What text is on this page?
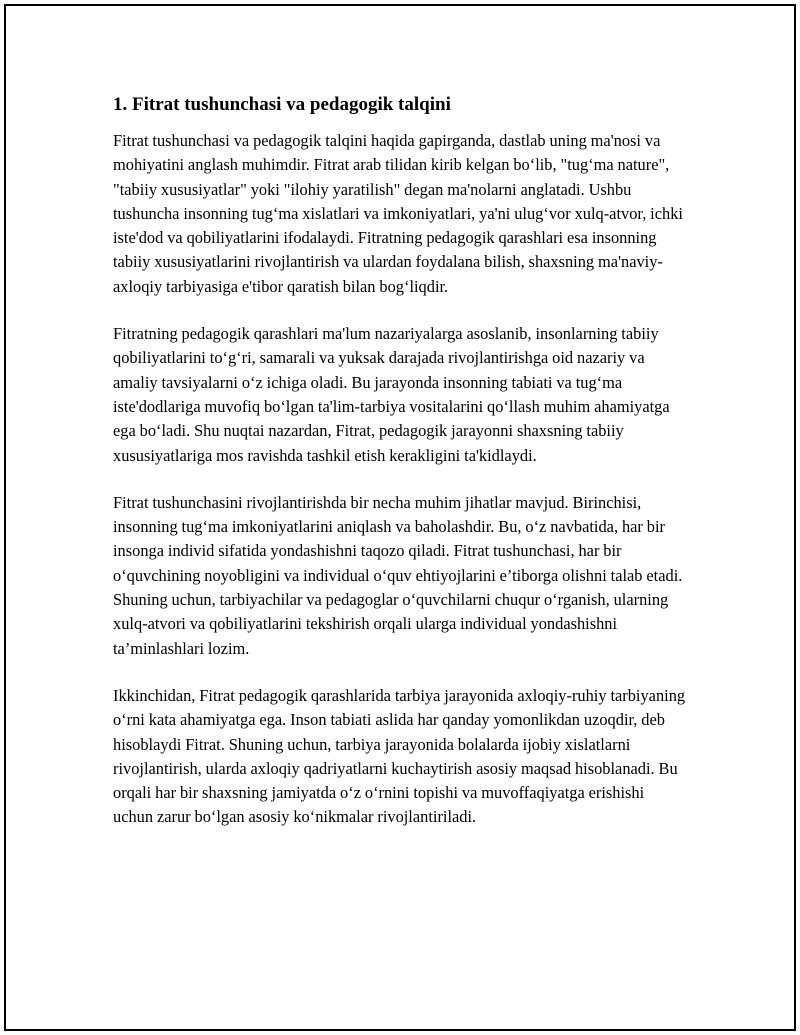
1. Fitrat tushunchasi va pedagogik talqini

Fitrat tushunchasi va pedagogik talqini haqida gapirganda, dastlab uning ma'nosi va mohiyatini anglash muhimdir. Fitrat arab tilidan kirib kelgan bo‘lib, "tug‘ma nature", "tabiiy xususiyatlar" yoki "ilohiy yaratilish" degan ma'nolarni anglatadi. Ushbu tushuncha insonning tug‘ma xislatlari va imkoniyatlari, ya'ni ulug‘vor xulq-atvor, ichki iste'dod va qobiliyatlarini ifodalaydi. Fitratning pedagogik qarashlari esa insonning tabiiy xususiyatlarini rivojlantirish va ulardan foydalana bilish, shaxsning ma'naviy-axloqiy tarbiyasiga e'tibor qaratish bilan bog‘liqdir.

Fitratning pedagogik qarashlari ma'lum nazariyalarga asoslanib, insonlarning tabiiy qobiliyatlarini to‘g‘ri, samarali va yuksak darajada rivojlantirishga oid nazariy va amaliy tavsiyalarni o‘z ichiga oladi. Bu jarayonda insonning tabiati va tug‘ma iste'dodlariga muvofiq bo‘lgan ta'lim-tarbiya vositalarini qo‘llash muhim ahamiyatga ega bo‘ladi. Shu nuqtai nazardan, Fitrat, pedagogik jarayonni shaxsning tabiiy xususiyatlariga mos ravishda tashkil etish kerakligini ta'kidlaydi.

Fitrat tushunchasini rivojlantirishda bir necha muhim jihatlar mavjud. Birinchisi, insonning tug‘ma imkoniyatlarini aniqlash va baholashdir. Bu, o‘z navbatida, har bir insonga individ sifatida yondashishni taqozo qiladi. Fitrat tushunchasi, har bir o‘quvchining noyobligini va individual o‘quv ehtiyojlarini e’tiborga olishni talab etadi. Shuning uchun, tarbiyachilar va pedagoglar o‘quvchilarni chuqur o‘rganish, ularning xulq-atvori va qobiliyatlarini tekshirish orqali ularga individual yondashishni ta’minlashlari lozim.

Ikkinchidan, Fitrat pedagogik qarashlarida tarbiya jarayonida axloqiy-ruhiy tarbiyaning o‘rni kata ahamiyatga ega. Inson tabiati aslida har qanday yomonlikdan uzoqdir, deb hisoblaydi Fitrat. Shuning uchun, tarbiya jarayonida bolalarda ijobiy xislatlarni rivojlantirish, ularda axloqiy qadriyatlarni kuchaytirish asosiy maqsad hisoblanadi. Bu orqali har bir shaxsning jamiyatda o‘z o‘rnini topishi va muvoffaqiyatga erishishi uchun zarur bo‘lgan asosiy ko‘nikmalar rivojlantiriladi.
